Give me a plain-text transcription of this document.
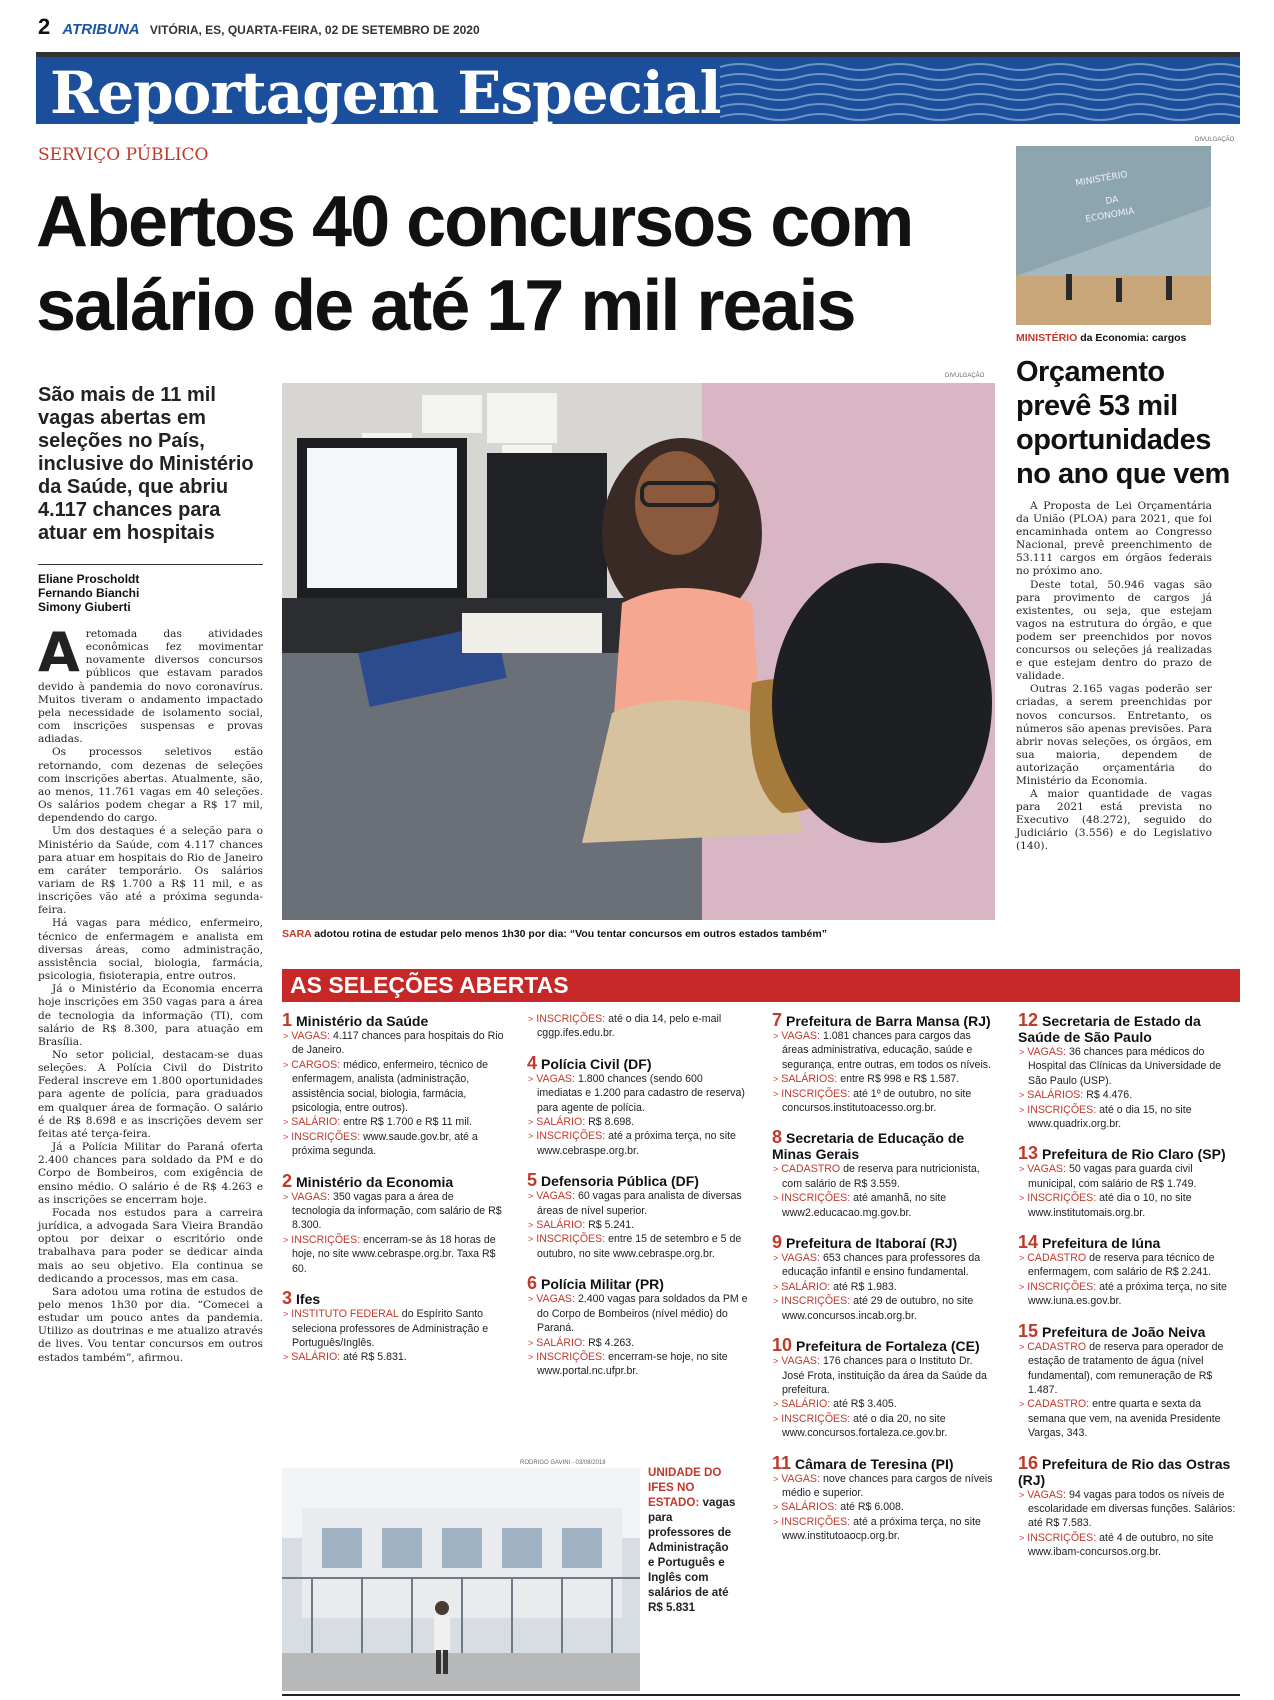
2 ATRIBUNA VITÓRIA, ES, QUARTA-FEIRA, 02 DE SETEMBRO DE 2020
Reportagem Especial
SERVIÇO PÚBLICO
Abertos 40 concursos com
salário de até 17 mil reais
São mais de 11 mil vagas abertas em seleções no País, inclusive do Ministério da Saúde, que abriu 4.117 chances para atuar em hospitais
Eliane Proscholdt
Fernando Bianchi
Simony Giuberti

Aretomada das atividades econômicas fez movimentar novamente diversos concursos públicos que estavam parados devido à pandemia do novo coronavírus. Muitos tiveram o andamento impactado pela necessidade de isolamento social, com inscrições suspensas e provas adiadas.

Os processos seletivos estão retornando, com dezenas de seleções com inscrições abertas. Atualmente, são, ao menos, 11.761 vagas em 40 seleções. Os salários podem chegar a R$ 17 mil, dependendo do cargo.

Um dos destaques é a seleção para o Ministério da Saúde, com 4.117 chances para atuar em hospitais do Rio de Janeiro em caráter temporário. Os salários variam de R$ 1.700 a R$ 11 mil, e as inscrições vão até a próxima segunda-feira.

Há vagas para médico, enfermeiro, técnico de enfermagem e analista em diversas áreas, como administração, assistência social, biologia, farmácia, psicologia, fisioterapia, entre outros.

Já o Ministério da Economia encerra hoje inscrições em 350 vagas para a área de tecnologia da informação (TI), com salário de R$ 8.300, para atuação em Brasília.

No setor policial, destacam-se duas seleções. A Polícia Civil do Distrito Federal inscreve em 1.800 oportunidades para agente de polícia, para graduados em qualquer área de formação. O salário é de R$ 8.698 e as inscrições devem ser feitas até terça-feira.

Já a Polícia Militar do Paraná oferta 2.400 chances para soldado da PM e do Corpo de Bombeiros, com exigência de ensino médio. O salário é de R$ 4.263 e as inscrições se encerram hoje.

Focada nos estudos para a carreira jurídica, a advogada Sara Vieira Brandão optou por deixar o escritório onde trabalhava para poder se dedicar ainda mais ao seu objetivo. Ela continua se dedicando a processos, mas em casa.

Sara adotou uma rotina de estudos de pelo menos 1h30 por dia. “Comecei a estudar um pouco antes da pandemia. Utilizo as doutrinas e me atualizo através de lives. Vou tentar concursos em outros estados também”, afirmou.

DIVULGAÇÃO
SARA adotou rotina de estudar pelo menos 1h30 por dia: “Vou tentar concursos em outros estados também”
DIVULGAÇÃO
MINISTÉRIO
DA
ECONOMIA
MINISTÉRIO da Economia: cargos
Orçamento prevê 53 mil oportunidades no ano que vem

A Proposta de Lei Orçamentária da União (PLOA) para 2021, que foi encaminhada ontem ao Congresso Nacional, prevê preenchimento de 53.111 cargos em órgãos federais no próximo ano.

Deste total, 50.946 vagas são para provimento de cargos já existentes, ou seja, que estejam vagos na estrutura do órgão, e que podem ser preenchidos por novos concursos ou seleções já realizadas e que estejam dentro do prazo de validade.

Outras 2.165 vagas poderão ser criadas, a serem preenchidas por novos concursos. Entretanto, os números são apenas previsões. Para abrir novas seleções, os órgãos, em sua maioria, dependem de autorização orçamentária do Ministério da Economia.

A maior quantidade de vagas para 2021 está prevista no Executivo (48.272), seguido do Judiciário (3.556) e do Legislativo (140).

AS SELEÇÕES ABERTAS
1 Ministério da Saúde
> VAGAS: 4.117 chances para hospitais do Rio de Janeiro.
> CARGOS: médico, enfermeiro, técnico de enfermagem, analista (administração, assistência social, biologia, farmácia, psicologia, entre outros).
> SALÁRIO: entre R$ 1.700 e R$ 11 mil.
> INSCRIÇÕES: www.saude.gov.br, até a próxima segunda.
2 Ministério da Economia
> VAGAS: 350 vagas para a área de tecnologia da informação, com salário de R$ 8.300.
> INSCRIÇÕES: encerram-se às 18 horas de hoje, no site www.cebraspe.org.br. Taxa R$ 60.
3 Ifes
> INSTITUTO FEDERAL do Espírito Santo seleciona professores de Administração e Português/Inglês.
> SALÁRIO: até R$ 5.831.
> INSCRIÇÕES: até o dia 14, pelo e-mail cggp.ifes.edu.br.
4 Polícia Civil (DF)
> VAGAS: 1.800 chances (sendo 600 imediatas e 1.200 para cadastro de reserva) para agente de polícia.
> SALÁRIO: R$ 8.698.
> INSCRIÇÕES: até a próxima terça, no site www.cebraspe.org.br.
5 Defensoria Pública (DF)
> VAGAS: 60 vagas para analista de diversas áreas de nível superior.
> SALÁRIO: R$ 5.241.
> INSCRIÇÕES: entre 15 de setembro e 5 de outubro, no site www.cebraspe.org.br.
6 Polícia Militar (PR)
> VAGAS: 2.400 vagas para soldados da PM e do Corpo de Bombeiros (nível médio) do Paraná.
> SALÁRIO: R$ 4.263.
> INSCRIÇÕES: encerram-se hoje, no site www.portal.nc.ufpr.br.
7 Prefeitura de Barra Mansa (RJ)
> VAGAS: 1.081 chances para cargos das áreas administrativa, educação, saúde e segurança, entre outras, em todos os níveis.
> SALÁRIOS: entre R$ 998 e R$ 1.587.
> INSCRIÇÕES: até 1º de outubro, no site concursos.institutoacesso.org.br.
8 Secretaria de Educação de Minas Gerais
> CADASTRO de reserva para nutricionista, com salário de R$ 3.559.
> INSCRIÇÕES: até amanhã, no site www2.educacao.mg.gov.br.
9 Prefeitura de Itaboraí (RJ)
> VAGAS: 653 chances para professores da educação infantil e ensino fundamental.
> SALÁRIO: até R$ 1.983.
> INSCRIÇÕES: até 29 de outubro, no site www.concursos.incab.org.br.
10 Prefeitura de Fortaleza (CE)
> VAGAS: 176 chances para o Instituto Dr. José Frota, instituição da área da Saúde da prefeitura.
> SALÁRIO: até R$ 3.405.
> INSCRIÇÕES: até o dia 20, no site www.concursos.fortaleza.ce.gov.br.
11 Câmara de Teresina (PI)
> VAGAS: nove chances para cargos de níveis médio e superior.
> SALÁRIOS: até R$ 6.008.
> INSCRIÇÕES: até a próxima terça, no site www.institutoaocp.org.br.
12 Secretaria de Estado da Saúde de São Paulo
> VAGAS: 36 chances para médicos do Hospital das Clínicas da Universidade de São Paulo (USP).
> SALÁRIOS: R$ 4.476.
> INSCRIÇÕES: até o dia 15, no site www.quadrix.org.br.
13 Prefeitura de Rio Claro (SP)
> VAGAS: 50 vagas para guarda civil municipal, com salário de R$ 1.749.
> INSCRIÇÕES: até dia o 10, no site www.institutomais.org.br.
14 Prefeitura de Iúna
> CADASTRO de reserva para técnico de enfermagem, com salário de R$ 2.241.
> INSCRIÇÕES: até a próxima terça, no site www.iuna.es.gov.br.
15 Prefeitura de João Neiva
> CADASTRO de reserva para operador de estação de tratamento de água (nível fundamental), com remuneração de R$ 1.487.
> CADASTRO: entre quarta e sexta da semana que vem, na avenida Presidente Vargas, 343.
16 Prefeitura de Rio das Ostras (RJ)
> VAGAS: 94 vagas para todos os níveis de escolaridade em diversas funções. Salários: até R$ 7.583.
> INSCRIÇÕES: até 4 de outubro, no site www.ibam-concursos.org.br.
RODRIGO GAVINI - 03/08/2018
UNIDADE DO IFES NO ESTADO: vagas para professores de Administração e Português e Inglês com salários de até R$ 5.831
